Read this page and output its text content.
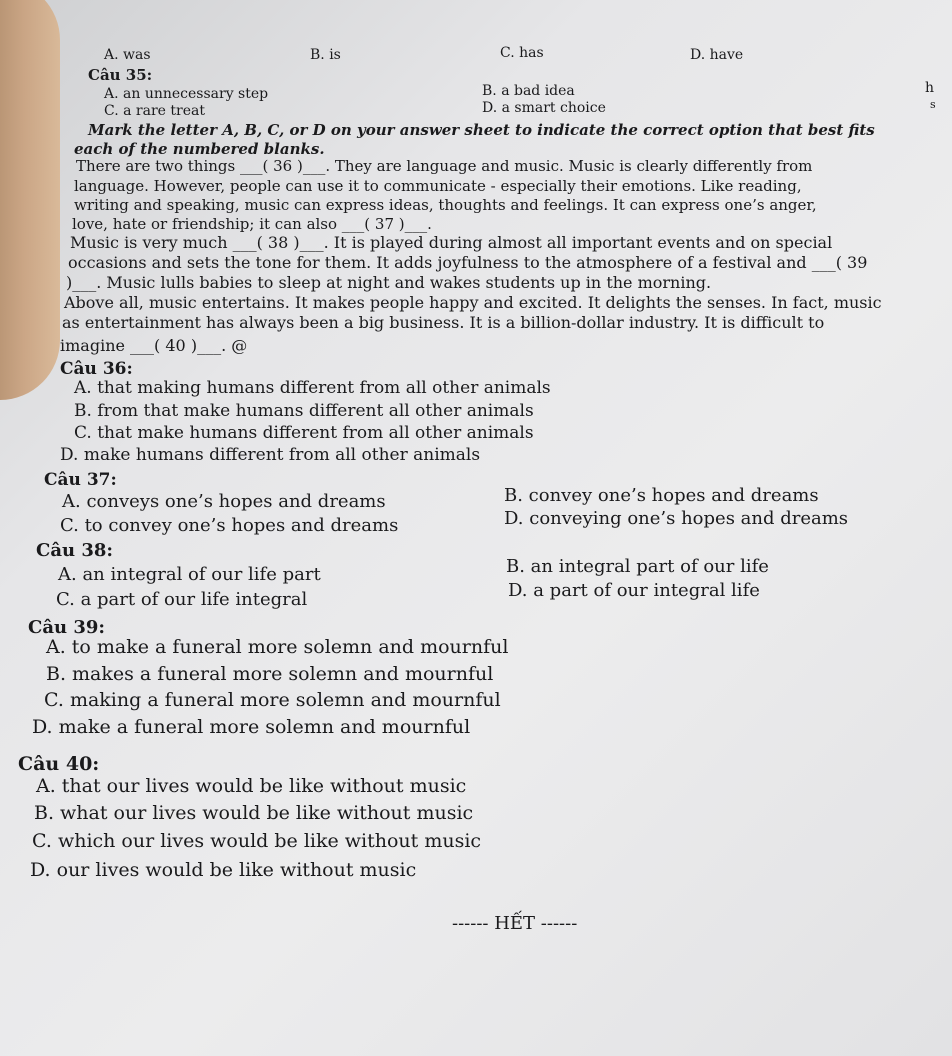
A. was	B. is	C. has	D. have
Câu 35:
A. an unnecessary step	B. a bad idea
C. a rare treat	D. a smart choice
h
s
Mark the letter A, B, C, or D on your answer sheet to indicate the correct option that best fits
each of the numbered blanks.
There are two things ___( 36 )___. They are language and music. Music is clearly differently from
language. However, people can use it to communicate - especially their emotions. Like reading,
writing and speaking, music can express ideas, thoughts and feelings. It can express one’s anger,
love, hate or friendship; it can also ___( 37 )___.
Music is very much ___( 38 )___. It is played during almost all important events and on special
occasions and sets the tone for them. It adds joyfulness to the atmosphere of a festival and ___( 39
)___. Music lulls babies to sleep at night and wakes students up in the morning.
Above all, music entertains. It makes people happy and excited. It delights the senses. In fact, music
as entertainment has always been a big business. It is a billion-dollar industry. It is difficult to
imagine ___( 40 )___. @
Câu 36:
A. that making humans different from all other animals
B. from that make humans different all other animals
C. that make humans different from all other animals
D. make humans different from all other animals
Câu 37:
A. conveys one’s hopes and dreams	B. convey one’s hopes and dreams
C. to convey one’s hopes and dreams	D. conveying one’s hopes and dreams
Câu 38:
A. an integral of our life part	B. an integral part of our life
C. a part of our life integral	D. a part of our integral life
Câu 39:
A. to make a funeral more solemn and mournful
B. makes a funeral more solemn and mournful
C. making a funeral more solemn and mournful
D. make a funeral more solemn and mournful
Câu 40:
A. that our lives would be like without music
B. what our lives would be like without music
C. which our lives would be like without music
D. our lives would be like without music
------ HẾT ------
